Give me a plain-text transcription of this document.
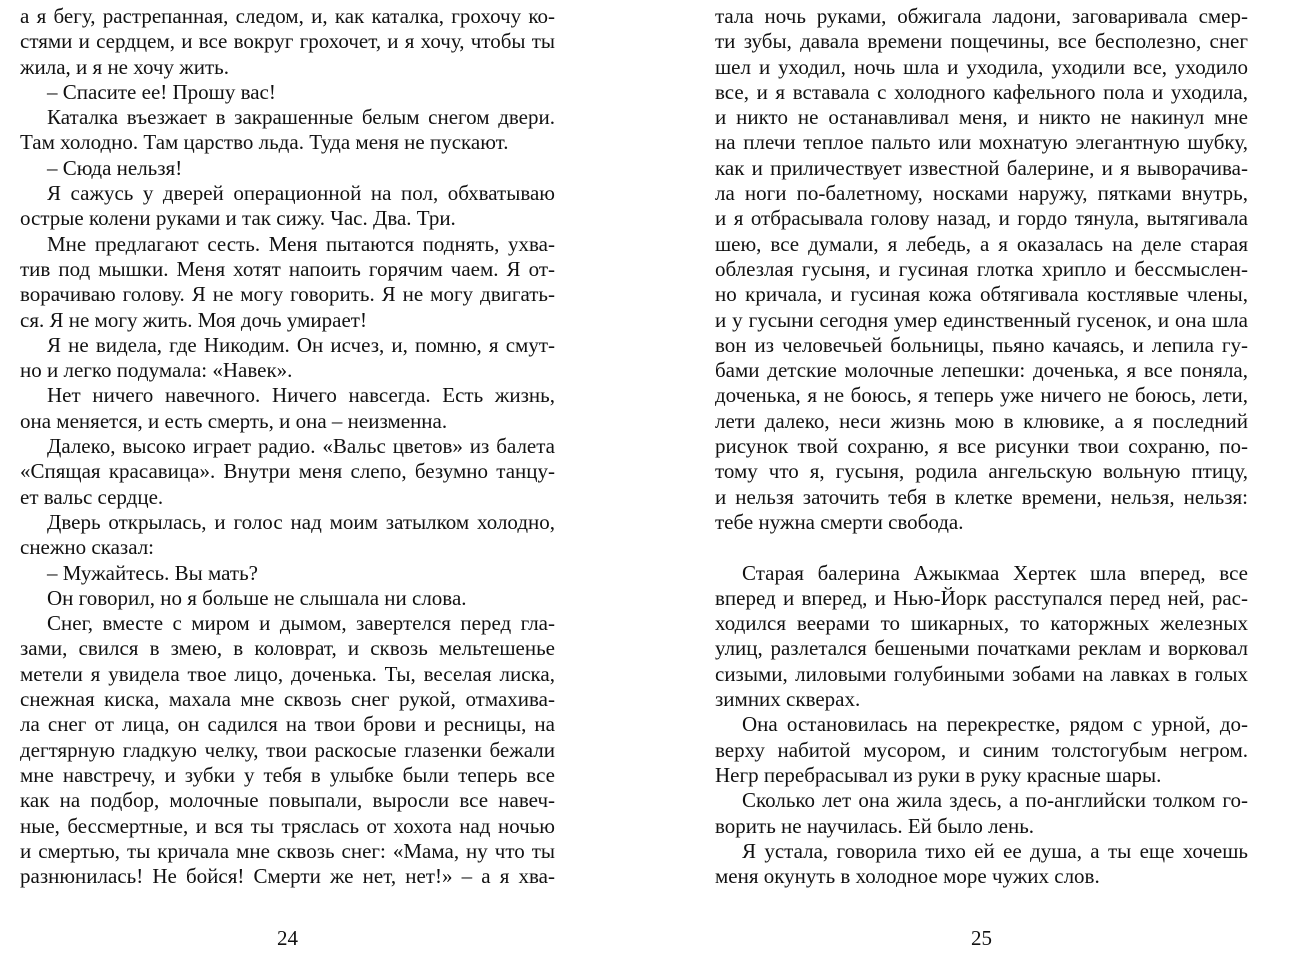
а я бегу, растрепанная, следом, и, как каталка, грохочу ко-
стями и сердцем, и все вокруг грохочет, и я хочу, чтобы ты
жила, и я не хочу жить.
– Спасите ее! Прошу вас!
Каталка въезжает в закрашенные белым снегом двери.
Там холодно. Там царство льда. Туда меня не пускают.
– Сюда нельзя!
Я сажусь у дверей операционной на пол, обхватываю
острые колени руками и так сижу. Час. Два. Три.
Мне предлагают сесть. Меня пытаются поднять, ухва-
тив под мышки. Меня хотят напоить горячим чаем. Я от-
ворачиваю голову. Я не могу говорить. Я не могу двигать-
ся. Я не могу жить. Моя дочь умирает!
Я не видела, где Никодим. Он исчез, и, помню, я смут-
но и легко подумала: «Навек».
Нет ничего навечного. Ничего навсегда. Есть жизнь,
она меняется, и есть смерть, и она – неизменна.
Далеко, высоко играет радио. «Вальс цветов» из балета
«Спящая красавица». Внутри меня слепо, безумно танцу-
ет вальс сердце.
Дверь открылась, и голос над моим затылком холодно,
снежно сказал:
– Мужайтесь. Вы мать?
Он говорил, но я больше не слышала ни слова.
Снег, вместе с миром и дымом, завертелся перед гла-
зами, свился в змею, в коловрат, и сквозь мельтешенье
метели я увидела твое лицо, доченька. Ты, веселая лиска,
снежная киска, махала мне сквозь снег рукой, отмахива-
ла снег от лица, он садился на твои брови и ресницы, на
дегтярную гладкую челку, твои раскосые глазенки бежали
мне навстречу, и зубки у тебя в улыбке были теперь все
как на подбор, молочные повыпали, выросли все навеч-
ные, бессмертные, и вся ты тряслась от хохота над ночью
и смертью, ты кричала мне сквозь снег: «Мама, ну что ты
разнюнилась! Не бойся! Смерти же нет, нет!» – а я хва-
24
тала ночь руками, обжигала ладони, заговаривала смер-
ти зубы, давала времени пощечины, все бесполезно, снег
шел и уходил, ночь шла и уходила, уходили все, уходило
все, и я вставала с холодного кафельного пола и уходила,
и никто не останавливал меня, и никто не накинул мне
на плечи теплое пальто или мохнатую элегантную шубку,
как и приличествует известной балерине, и я выворачива-
ла ноги по-балетному, носками наружу, пятками внутрь,
и я отбрасывала голову назад, и гордо тянула, вытягивала
шею, все думали, я лебедь, а я оказалась на деле старая
облезлая гусыня, и гусиная глотка хрипло и бессмыслен-
но кричала, и гусиная кожа обтягивала костлявые члены,
и у гусыни сегодня умер единственный гусенок, и она шла
вон из человечьей больницы, пьяно качаясь, и лепила гу-
бами детские молочные лепешки: доченька, я все поняла,
доченька, я не боюсь, я теперь уже ничего не боюсь, лети,
лети далеко, неси жизнь мою в клювике, а я последний
рисунок твой сохраню, я все рисунки твои сохраню, по-
тому что я, гусыня, родила ангельскую вольную птицу,
и нельзя заточить тебя в клетке времени, нельзя, нельзя:
тебе нужна смерти свобода.
Старая балерина Ажыкмаа Хертек шла вперед, все
вперед и вперед, и Нью-Йорк расступался перед ней, рас-
ходился веерами то шикарных, то каторжных железных
улиц, разлетался бешеными початками реклам и ворковал
сизыми, лиловыми голубиными зобами на лавках в голых
зимних скверах.
Она остановилась на перекрестке, рядом с урной, до-
верху набитой мусором, и синим толстогубым негром.
Негр перебрасывал из руки в руку красные шары.
Сколько лет она жила здесь, а по-английски толком го-
ворить не научилась. Ей было лень.
Я устала, говорила тихо ей ее душа, а ты еще хочешь
меня окунуть в холодное море чужих слов.
25
